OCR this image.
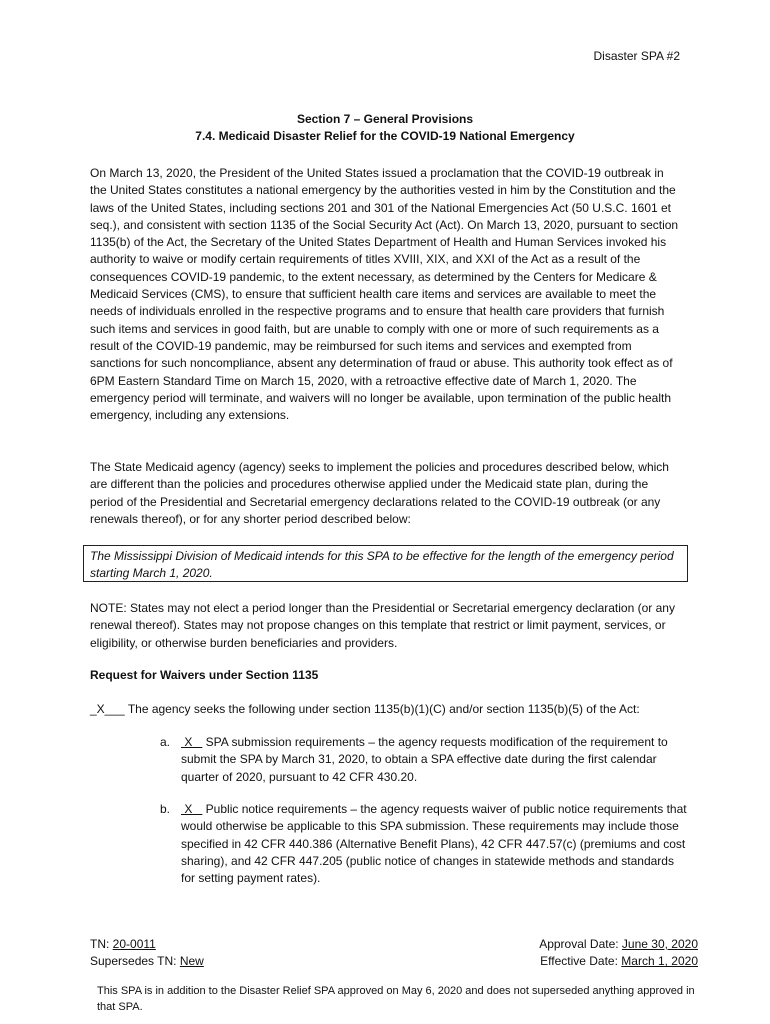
Disaster SPA #2
Section 7 – General Provisions
7.4. Medicaid Disaster Relief for the COVID-19 National Emergency

On March 13, 2020, the President of the United States issued a proclamation that the COVID-19 outbreak in the United States constitutes a national emergency by the authorities vested in him by the Constitution and the laws of the United States, including sections 201 and 301 of the National Emergencies Act (50 U.S.C. 1601 et seq.), and consistent with section 1135 of the Social Security Act (Act). On March 13, 2020, pursuant to section 1135(b) of the Act, the Secretary of the United States Department of Health and Human Services invoked his authority to waive or modify certain requirements of titles XVIII, XIX, and XXI of the Act as a result of the consequences COVID-19 pandemic, to the extent necessary, as determined by the Centers for Medicare & Medicaid Services (CMS), to ensure that sufficient health care items and services are available to meet the needs of individuals enrolled in the respective programs and to ensure that health care providers that furnish such items and services in good faith, but are unable to comply with one or more of such requirements as a result of the COVID-19 pandemic, may be reimbursed for such items and services and exempted from sanctions for such noncompliance, absent any determination of fraud or abuse. This authority took effect as of 6PM Eastern Standard Time on March 15, 2020, with a retroactive effective date of March 1, 2020. The emergency period will terminate, and waivers will no longer be available, upon termination of the public health emergency, including any extensions.

The State Medicaid agency (agency) seeks to implement the policies and procedures described below, which are different than the policies and procedures otherwise applied under the Medicaid state plan, during the period of the Presidential and Secretarial emergency declarations related to the COVID-19 outbreak (or any renewals thereof), or for any shorter period described below:

The Mississippi Division of Medicaid intends for this SPA to be effective for the length of the emergency period starting March 1, 2020.

NOTE: States may not elect a period longer than the Presidential or Secretarial emergency declaration (or any renewal thereof). States may not propose changes on this template that restrict or limit payment, services, or eligibility, or otherwise burden beneficiaries and providers.

Request for Waivers under Section 1135
_X___ The agency seeks the following under section 1135(b)(1)(C) and/or section 1135(b)(5) of the Act:
a. X    SPA submission requirements – the agency requests modification of the requirement to submit the SPA by March 31, 2020, to obtain a SPA effective date during the first calendar quarter of 2020, pursuant to 42 CFR 430.20.
b. X    Public notice requirements – the agency requests waiver of public notice requirements that would otherwise be applicable to this SPA submission. These requirements may include those specified in 42 CFR 440.386 (Alternative Benefit Plans), 42 CFR 447.57(c) (premiums and cost sharing), and 42 CFR 447.205 (public notice of changes in statewide methods and standards for setting payment rates).
TN: 20-0011
Supersedes TN: New
Approval Date: June 30, 2020
Effective Date: March 1, 2020
This SPA is in addition to the Disaster Relief SPA approved on May 6, 2020 and does not superseded anything approved in that SPA.
